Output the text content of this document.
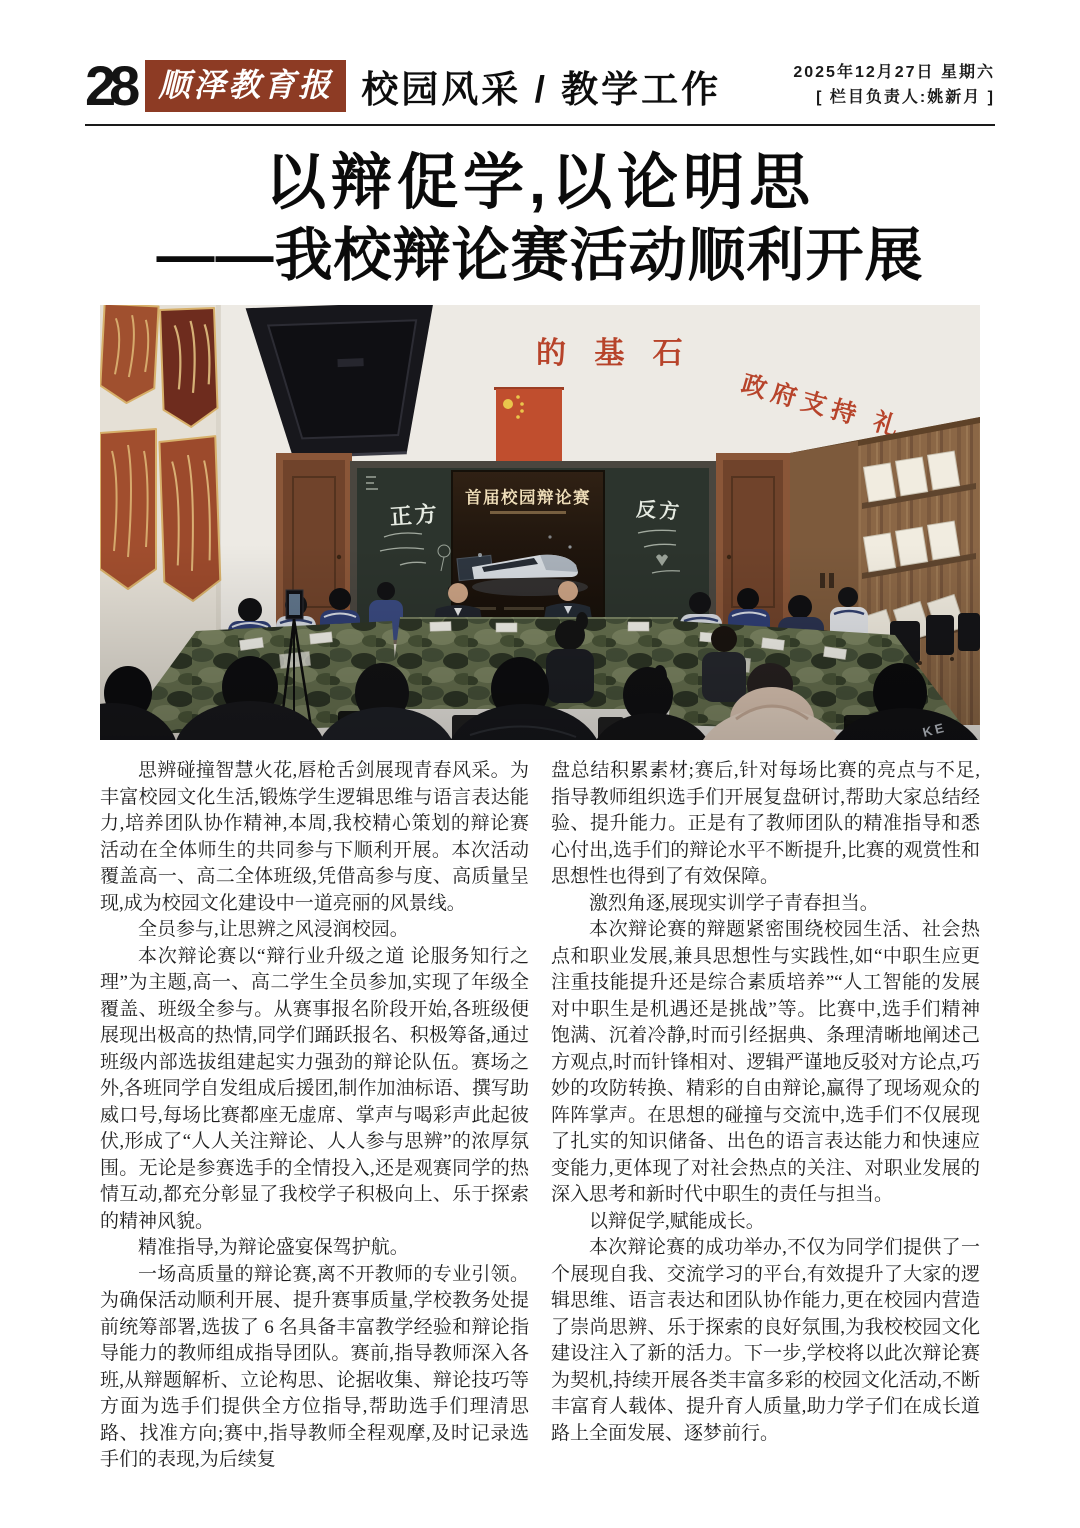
28 顺泽教育报 校园风采 / 教学工作	2025年12月27日 星期六
[ 栏目负责人:姚新月 ]
以辩促学,以论明思
——我校辩论赛活动顺利开展

思辨碰撞智慧火花,唇枪舌剑展现青春风采。为丰富校园文化生活,锻炼学生逻辑思维与语言表达能力,培养团队协作精神,本周,我校精心策划的辩论赛活动在全体师生的共同参与下顺利开展。本次活动覆盖高一、高二全体班级,凭借高参与度、高质量呈现,成为校园文化建设中一道亮丽的风景线。

全员参与,让思辨之风浸润校园。

本次辩论赛以“辩行业升级之道 论服务知行之理”为主题,高一、高二学生全员参加,实现了年级全覆盖、班级全参与。从赛事报名阶段开始,各班级便展现出极高的热情,同学们踊跃报名、积极筹备,通过班级内部选拔组建起实力强劲的辩论队伍。赛场之外,各班同学自发组成后援团,制作加油标语、撰写助威口号,每场比赛都座无虚席、掌声与喝彩声此起彼伏,形成了“人人关注辩论、人人参与思辨”的浓厚氛围。无论是参赛选手的全情投入,还是观赛同学的热情互动,都充分彰显了我校学子积极向上、乐于探索的精神风貌。

精准指导,为辩论盛宴保驾护航。

一场高质量的辩论赛,离不开教师的专业引领。为确保活动顺利开展、提升赛事质量,学校教务处提前统筹部署,选拔了 6 名具备丰富教学经验和辩论指导能力的教师组成指导团队。赛前,指导教师深入各班,从辩题解析、立论构思、论据收集、辩论技巧等方面为选手们提供全方位指导,帮助选手们理清思路、找准方向;赛中,指导教师全程观摩,及时记录选手们的表现,为后续复

盘总结积累素材;赛后,针对每场比赛的亮点与不足,指导教师组织选手们开展复盘研讨,帮助大家总结经验、提升能力。正是有了教师团队的精准指导和悉心付出,选手们的辩论水平不断提升,比赛的观赏性和思想性也得到了有效保障。

激烈角逐,展现实训学子青春担当。

本次辩论赛的辩题紧密围绕校园生活、社会热点和职业发展,兼具思想性与实践性,如“中职生应更注重技能提升还是综合素质培养”“人工智能的发展对中职生是机遇还是挑战”等。比赛中,选手们精神饱满、沉着冷静,时而引经据典、条理清晰地阐述己方观点,时而针锋相对、逻辑严谨地反驳对方论点,巧妙的攻防转换、精彩的自由辩论,赢得了现场观众的阵阵掌声。在思想的碰撞与交流中,选手们不仅展现了扎实的知识储备、出色的语言表达能力和快速应变能力,更体现了对社会热点的关注、对职业发展的深入思考和新时代中职生的责任与担当。

以辩促学,赋能成长。

本次辩论赛的成功举办,不仅为同学们提供了一个展现自我、交流学习的平台,有效提升了大家的逻辑思维、语言表达和团队协作能力,更在校园内营造了崇尚思辨、乐于探索的良好氛围,为我校校园文化建设注入了新的活力。下一步,学校将以此次辩论赛为契机,持续开展各类丰富多彩的校园文化活动,不断丰富育人载体、提升育人质量,助力学子们在成长道路上全面发展、逐梦前行。
